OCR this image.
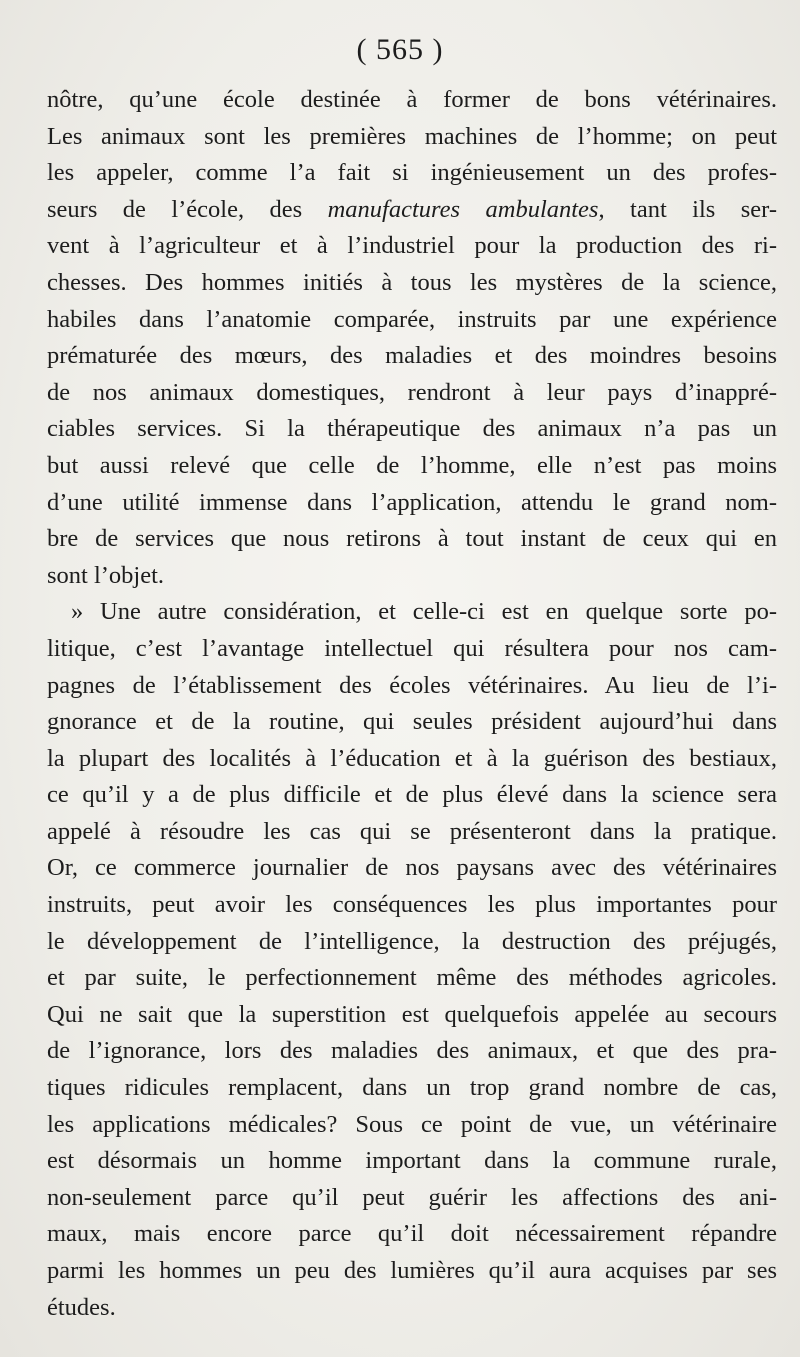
( 565 )
nôtre, qu’une école destinée à former de bons vétérinaires.
Les animaux sont les premières machines de l’homme; on peut
les appeler, comme l’a fait si ingénieusement un des profes-
seurs de l’école, des manufactures ambulantes, tant ils ser-
vent à l’agriculteur et à l’industriel pour la production des ri-
chesses. Des hommes initiés à tous les mystères de la science,
habiles dans l’anatomie comparée, instruits par une expérience
prématurée des mœurs, des maladies et des moindres besoins
de nos animaux domestiques, rendront à leur pays d’inappré-
ciables services. Si la thérapeutique des animaux n’a pas un
but aussi relevé que celle de l’homme, elle n’est pas moins
d’une utilité immense dans l’application, attendu le grand nom-
bre de services que nous retirons à tout instant de ceux qui en
sont l’objet.
» Une autre considération, et celle-ci est en quelque sorte po-
litique, c’est l’avantage intellectuel qui résultera pour nos cam-
pagnes de l’établissement des écoles vétérinaires. Au lieu de l’i-
gnorance et de la routine, qui seules président aujourd’hui dans
la plupart des localités à l’éducation et à la guérison des bestiaux,
ce qu’il y a de plus difficile et de plus élevé dans la science sera
appelé à résoudre les cas qui se présenteront dans la pratique.
Or, ce commerce journalier de nos paysans avec des vétérinaires
instruits, peut avoir les conséquences les plus importantes pour
le développement de l’intelligence, la destruction des préjugés,
et par suite, le perfectionnement même des méthodes agricoles.
Qui ne sait que la superstition est quelquefois appelée au secours
de l’ignorance, lors des maladies des animaux, et que des pra-
tiques ridicules remplacent, dans un trop grand nombre de cas,
les applications médicales? Sous ce point de vue, un vétérinaire
est désormais un homme important dans la commune rurale,
non-seulement parce qu’il peut guérir les affections des ani-
maux, mais encore parce qu’il doit nécessairement répandre
parmi les hommes un peu des lumières qu’il aura acquises par ses
études.
